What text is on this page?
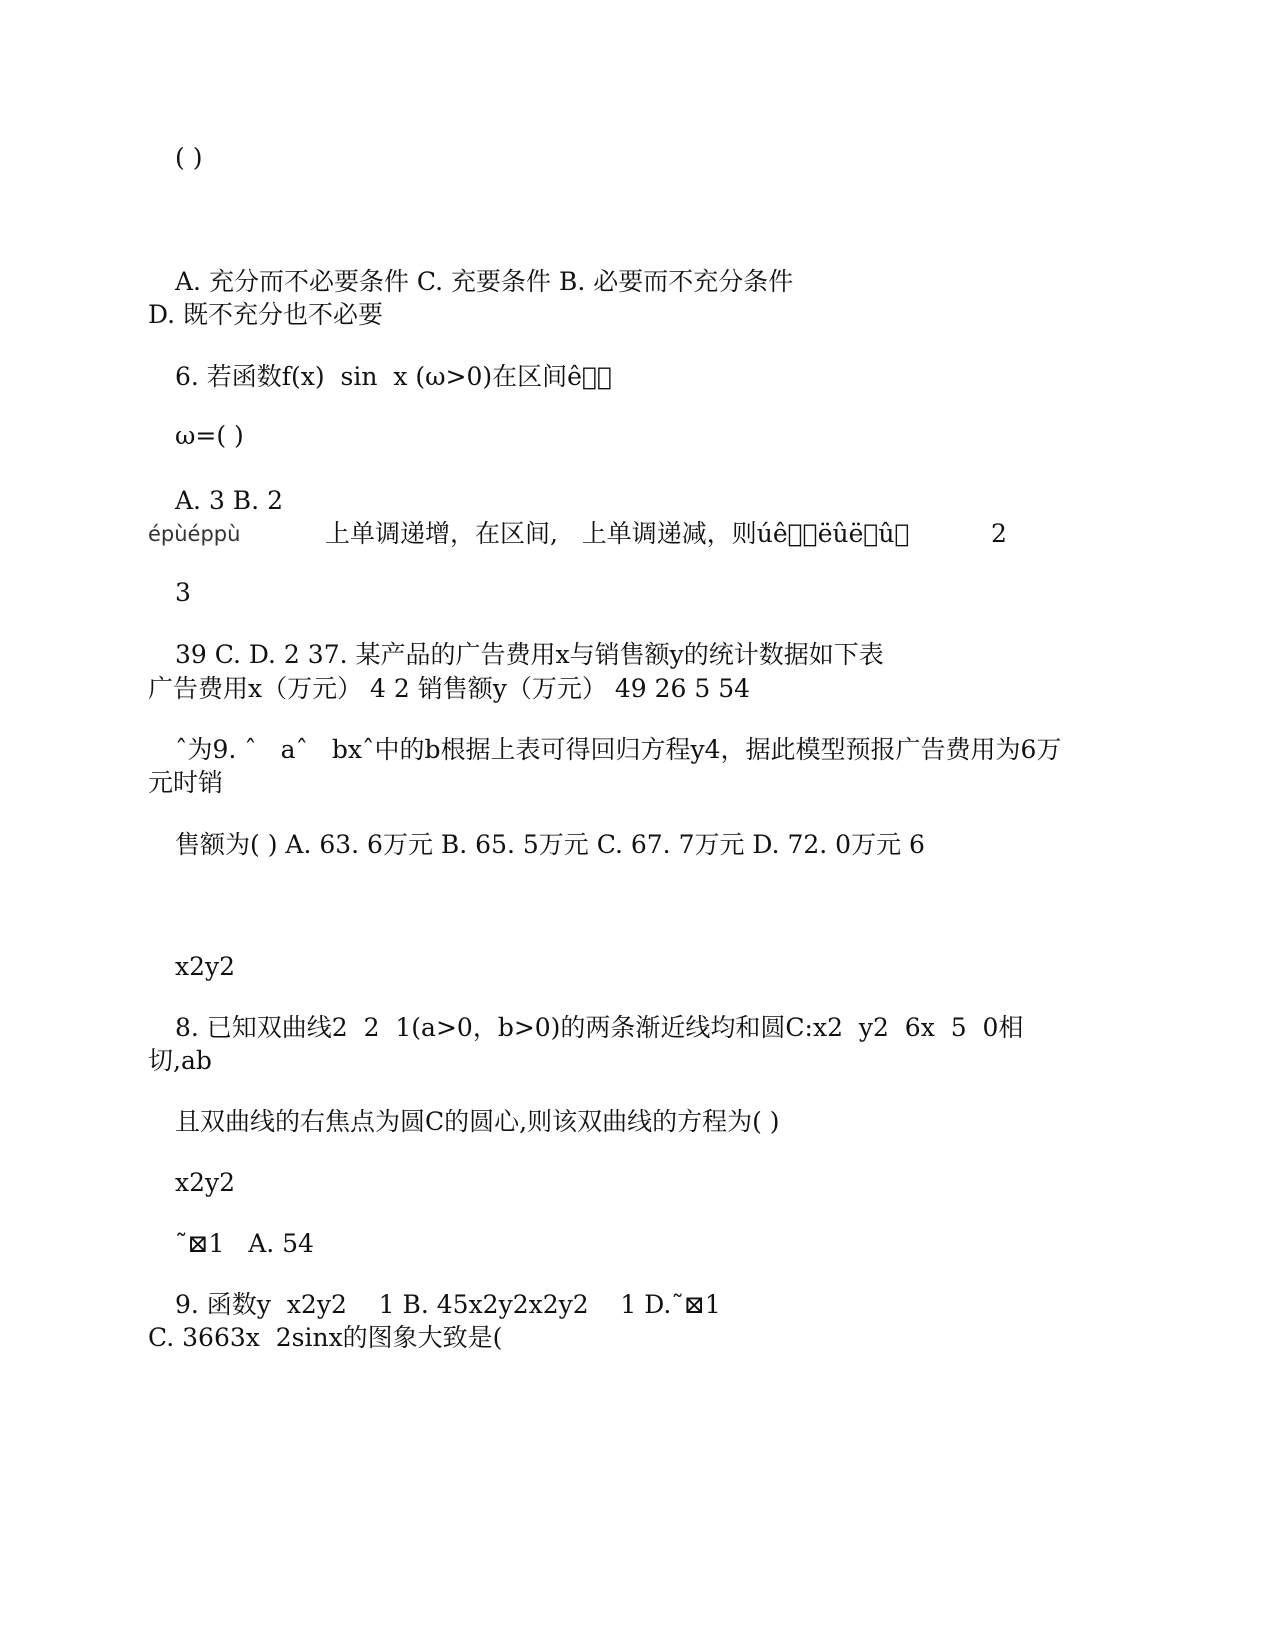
( )
A. 充分而不必要条件 C. 充要条件 B. 必要而不充分条件
D. 既不充分也不必要
6. 若函数f(x)  sin  x (ω>0)在区间ê  
ω=( )
A. 3 B. 2
épùéppù	上单调递增，在区间,   上单调递减，则úê  ëûë û 	2
3
39 C. D. 2 37. 某产品的广告费用x与销售额y的统计数据如下表
广告费用x（万元） 4 2 销售额y（万元） 49 26 5 54
ˆ为9. ˆ   aˆ   bxˆ中的b根据上表可得回归方程y4，据此模型预报广告费用为6万
元时销
售额为( ) A. 63. 6万元 B. 65. 5万元 C. 67. 7万元 D. 72. 0万元 6
x2y2
8. 已知双曲线2  2  1(a>0，b>0)的两条渐近线均和圆C:x2  y2  6x  5  0相
切,ab
且双曲线的右焦点为圆C的圆心,则该双曲线的方程为( )
x2y2
˜⊠1   A. 54
9. 函数y  x2y2    1 B. 45x2y2x2y2    1 D.˜⊠1
C. 3663x  2sinx的图象大致是(
